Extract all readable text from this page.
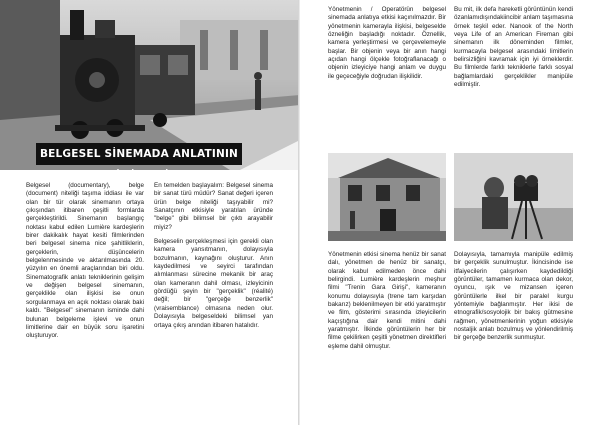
BELGESEL SİNEMADA ANLATININ LİMİTLERİ

Belgesel (documentary), belge (document) niteliği taşıma iddiası ile var olan bir tür olarak sinemanın ortaya çıkışından itibaren çeşitli formlarda gerçekleştirildi. Sinemanın başlangıç noktası kabul edilen Lumière kardeşlerin birer dakikalık hayat kesiti filmlerinden beri belgesel sinema nice şahitliklerin, gerçeklerin, düşüncelerin belgelenmesinde ve aktarılmasında 20. yüzyılın en önemli araçlarından biri oldu. Sinematografik anlatı tekniklerinin gelişim ve değişen belgesel sinemanın, gerçeklikle olan ilişkisi ise onun sorgulanmaya en açık noktası olarak baki kaldı. "Belgesel" sinemanın isminde dahi bulunan belgeleme işlevi ve onun limitlerine dair en büyük soru işaretini oluşturuyor.

En temelden başlayalım: Belgesel sinema bir sanat türü müdür? Sanat değeri içeren ürün belge niteliği taşıyabilir mi? Sanatçının etkisiyle yaratılan üründe "belge" gibi bilimsel bir çıktı arayabilir miyiz?

Belgeselin gerçekleşmesi için gerekli olan kamera yansıtmanın, dolayısıyla bozulmanın, kaynağını oluşturur. Anın kaydedilmesi ve seyirci tarafından alımlanması sürecine mekanik bir araç olan kameranın dahil olması, izleyicinin gördüğü şeyin bir "gerçeklik" (réalité) değil; bir "gerçeğe benzerlik" (vraisemblance) olmasına neden olur. Dolayısıyla belgeseldeki bilimsel yan ortaya çıkış anından itibaren hatalıdır.

Yönetmenin / Operatörün belgesel sinemada anlatıya etkisi kaçınılmazdır. Bir yönetmenin kamerayla ilişkisi, belgeselde özneliğin başladığı noktadır. Öznellik, kamera yerleştirmesi ve çerçevelemeyle başlar. Bir objenin veya bir anın hangi açıdan hangi ölçekle fotoğraflanacağı o objenin izleyiciye hangi anlam ve duygu ile geçeceğiyle doğrudan ilişkilidir.

Bu mit, ilk defa hareketli görüntünün kendi özanlamıdışındakiincibir anlam taşımasına örnek teşkil eder. Nanook of the North veya Life of an American Fireman gibi sinemanın ilk döneminden filmler, kurmacayla belgesel arasındaki limitlerin belirsizliğini kavramak için iyi örneklerdir. Bu filmlerde farklı tekniklerle farklı sosyal bağlamlardaki gerçeklikler manipüle edilmiştir.

Yönetmenin etkisi sinema henüz bir sanat dalı, yönetmen de henüz bir sanatçı, olarak kabul edilmeden önce dahi belirgindi. Lumière kardeşlerin meşhur filmi "Trenin Gara Girişi", kameranın konumu dolayısıyla (trene tam karşıdan bakarız) beklenilmeyen bir etki yaratmıştır ve film, gösterimi sırasında izleyicilerin kaçıştığına dair kendi mitini dahi yaratmıştır. İlkinde görüntülerin her bir filme çekilirken çeşitli yönetmen direktifleri eşleme dahil olmuştur.

Dolayısıyla, tamamıyla manipüle edilmiş bir gerçeklik sunulmuştur. İkincisinde ise itfaiyecilerin çalışırken kaydedildiği görüntüler, tamamen kurmaca olan dekor, oyuncu, ışık ve mizansen içeren görüntülerle ilkel bir paralel kurgu yöntemiyle bağlanmıştır. Her ikisi de etnografik/sosyolojik bir bakış gütmesine rağmen, yönetmenlerinin yoğun etkisiyle nostaljik anlatı bozulmuş ve yönlendirilmiş bir gerçeğe benzerlik sunmuştur.
